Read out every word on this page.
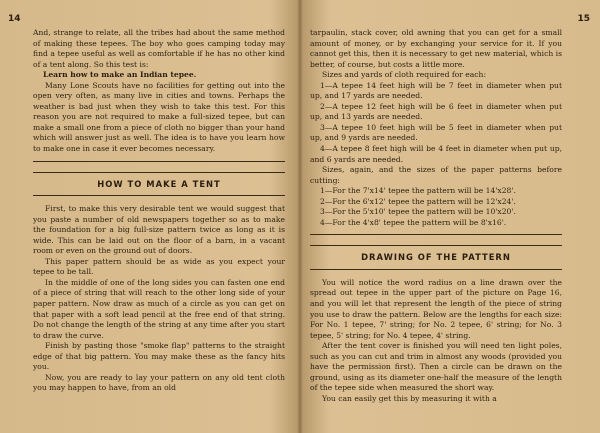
14

And, strange to relate, all the tribes had about the same method of making these tepees. The boy who goes camping today may find a tepee useful as well as comfortable if he has no other kind of a tent along. So this test is:

Learn how to make an Indian tepee.

Many Lone Scouts have no facilities for getting out into the open very often, as many live in cities and towns. Perhaps the weather is bad just when they wish to take this test. For this reason you are not required to make a full-sized tepee, but can make a small one from a piece of cloth no bigger than your hand which will answer just as well. The idea is to have you learn how to make one in case it ever becomes necessary.

HOW TO MAKE A TENT

First, to make this very desirable tent we would suggest that you paste a number of old newspapers together so as to make the foundation for a big full-size pattern twice as long as it is wide. This can be laid out on the floor of a barn, in a vacant room or even on the ground out of doors.

This paper pattern should be as wide as you expect your tepee to be tall.

In the middle of one of the long sides you can fasten one end of a piece of string that will reach to the other long side of your paper pattern. Now draw as much of a circle as you can get on that paper with a soft lead pencil at the free end of that string. Do not change the length of the string at any time after you start to draw the curve.

Finish by pasting those "smoke flap" patterns to the straight edge of that big pattern. You may make these as the fancy hits you.

Now, you are ready to lay your pattern on any old tent cloth you may happen to have, from an old

15

tarpaulin, stack cover, old awning that you can get for a small amount of money, or by exchanging your service for it. If you cannot get this, then it is necessary to get new material, which is better, of course, but costs a little more.

Sizes and yards of cloth required for each:

1—A tepee 14 feet high will be 7 feet in diameter when put up, and 17 yards are needed.

2—A tepee 12 feet high will be 6 feet in diameter when put up, and 13 yards are needed.

3—A tepee 10 feet high will be 5 feet in diameter when put up, and 9 yards are needed.

4—A tepee 8 feet high will be 4 feet in diameter when put up, and 6 yards are needed.

Sizes, again, and the sizes of the paper patterns before cutting:

1—For the 7'x14' tepee the pattern will be 14'x28'.

2—For the 6'x12' tepee the pattern will be 12'x24'.

3—For the 5'x10' tepee the pattern will be 10'x20'.

4—For the 4'x8' tepee the pattern will be 8'x16'.

DRAWING OF THE PATTERN

You will notice the word radius on a line drawn over the spread out tepee in the upper part of the picture on Page 16, and you will let that represent the length of the piece of string you use to draw the pattern. Below are the lengths for each size: For No. 1 tepee, 7' string; for No. 2 tepee, 6' string; for No. 3 tepee, 5' string; for No. 4 tepee, 4' string.

After the tent cover is finished you will need ten light poles, such as you can cut and trim in almost any woods (provided you have the permission first). Then a circle can be drawn on the ground, using as its diameter one-half the measure of the length of the tepee side when measured the short way.

You can easily get this by measuring it with a
